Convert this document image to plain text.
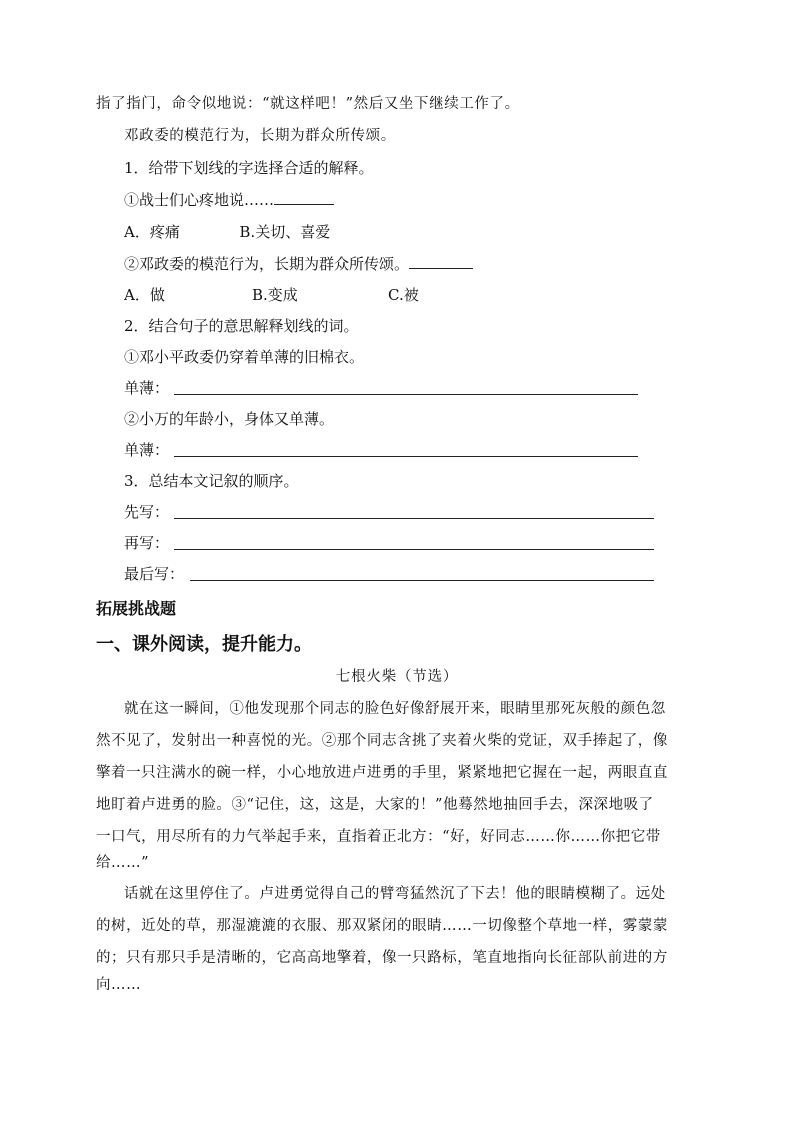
指了指门，命令似地说：“就这样吧！”然后又坐下继续工作了。
邓政委的模范行为，长期为群众所传颂。
1．给带下划线的字选择合适的解释。
①战士们心疼地说……
A．疼痛	B.关切、喜爱
②邓政委的模范行为，长期为群众所传颂。
A．做	B.变成	C.被
2．结合句子的意思解释划线的词。
①邓小平政委仍穿着单薄的旧棉衣。
单薄：
②小万的年龄小，身体又单薄。
单薄：
3．总结本文记叙的顺序。
先写：
再写：
最后写：
拓展挑战题
一、课外阅读，提升能力。
七根火柴（节选）
就在这一瞬间，①他发现那个同志的脸色好像舒展开来，眼睛里那死灰般的颜色忽
然不见了，发射出一种喜悦的光。②那个同志含挑了夹着火柴的党证，双手捧起了，像
擎着一只注满水的碗一样，小心地放进卢进勇的手里，紧紧地把它握在一起，两眼直直
地盯着卢进勇的脸。③“记住，这，这是，大家的！”他蓦然地抽回手去，深深地吸了
一口气，用尽所有的力气举起手来，直指着正北方：“好，好同志……你……你把它带
给……”
话就在这里停住了。卢进勇觉得自己的臂弯猛然沉了下去！他的眼睛模糊了。远处
的树，近处的草，那湿漉漉的衣服、那双紧闭的眼睛……一切像整个草地一样，雾蒙蒙
的；只有那只手是清晰的，它高高地擎着，像一只路标，笔直地指向长征部队前进的方
向……
